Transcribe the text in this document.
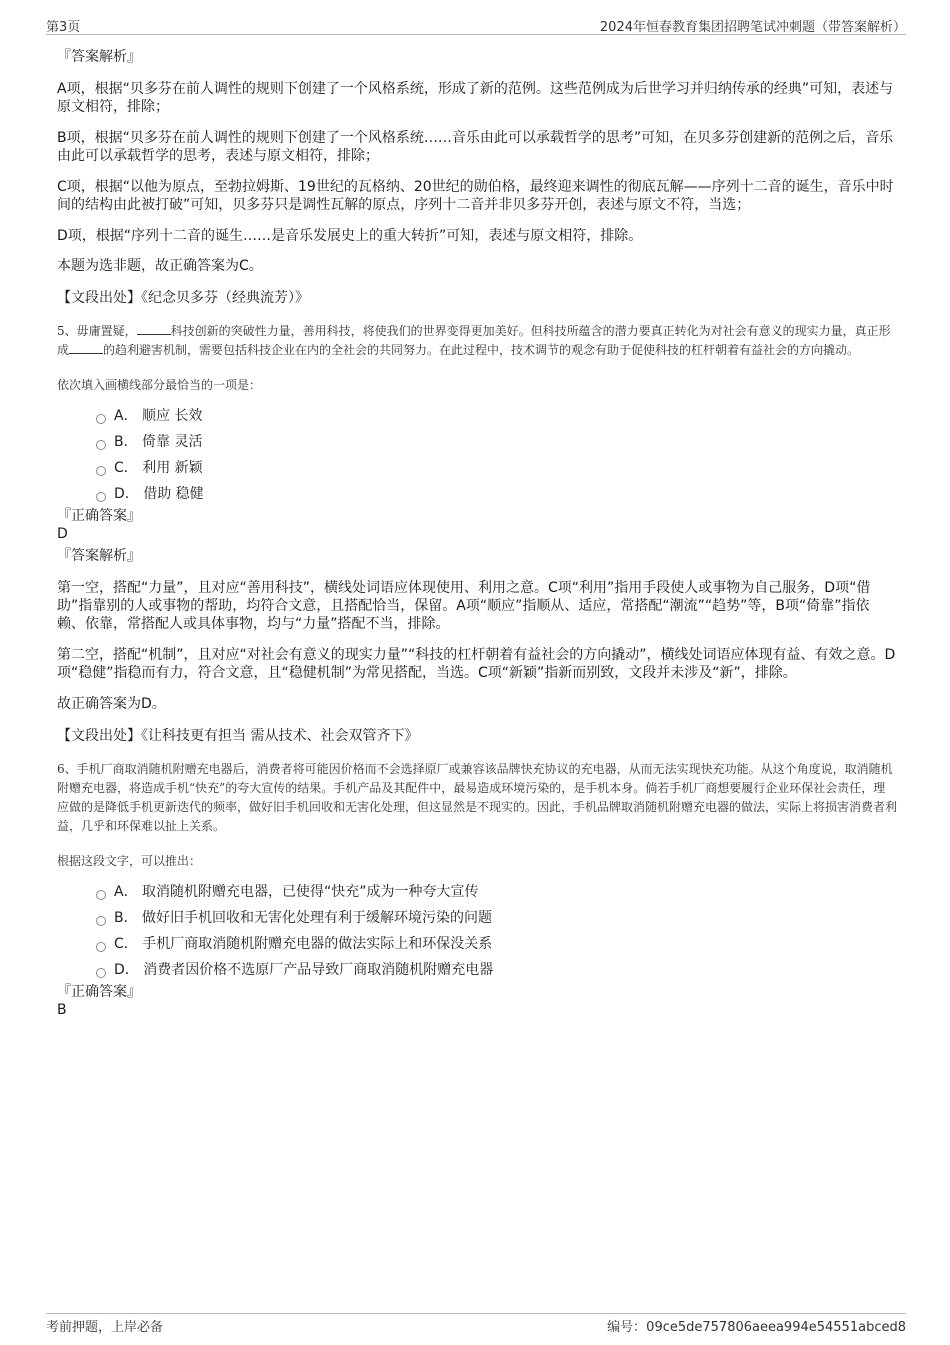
第3页	2024年恒春教育集团招聘笔试冲刺题（带答案解析）
『答案解析』

A项，根据“贝多芬在前人调性的规则下创建了一个风格系统，形成了新的范例。这些范例成为后世学习并归纳传承的经典”可知，表述与原文相符，排除；

B项，根据“贝多芬在前人调性的规则下创建了一个风格系统……音乐由此可以承载哲学的思考”可知，在贝多芬创建新的范例之后，音乐由此可以承载哲学的思考，表述与原文相符，排除；

C项，根据“以他为原点，至勃拉姆斯、19世纪的瓦格纳、20世纪的勋伯格，最终迎来调性的彻底瓦解——序列十二音的诞生，音乐中时间的结构由此被打破”可知，贝多芬只是调性瓦解的原点，序列十二音并非贝多芬开创，表述与原文不符，当选；

D项，根据“序列十二音的诞生……是音乐发展史上的重大转折”可知，表述与原文相符，排除。

本题为选非题，故正确答案为C。

【文段出处】《纪念贝多芬（经典流芳）》

5、毋庸置疑，	科技创新的突破性力量，善用科技，将使我们的世界变得更加美好。但科技所蕴含的潜力要真正转化为对社会有意义的现实力量，真正形成	的趋利避害机制，需要包括科技企业在内的全社会的共同努力。在此过程中，技术调节的观念有助于促使科技的杠杆朝着有益社会的方向撬动。

依次填入画横线部分最恰当的一项是：

A． 顺应 长效
B． 倚靠 灵活
C． 利用 新颖
D． 借助 稳健
『正确答案』
D
『答案解析』

第一空，搭配“力量”，且对应“善用科技”，横线处词语应体现使用、利用之意。C项“利用”指用手段使人或事物为自己服务，D项“借助”指靠别的人或事物的帮助，均符合文意，且搭配恰当，保留。A项“顺应”指顺从、适应，常搭配“潮流”“趋势”等，B项“倚靠”指依赖、依靠，常搭配人或具体事物，均与“力量”搭配不当，排除。

第二空，搭配“机制”，且对应“对社会有意义的现实力量”“科技的杠杆朝着有益社会的方向撬动”，横线处词语应体现有益、有效之意。D项“稳健”指稳而有力，符合文意，且“稳健机制”为常见搭配，当选。C项“新颖”指新而别致，文段并未涉及“新”，排除。

故正确答案为D。

【文段出处】《让科技更有担当 需从技术、社会双管齐下》

6、手机厂商取消随机附赠充电器后，消费者将可能因价格而不会选择原厂或兼容该品牌快充协议的充电器，从而无法实现快充功能。从这个角度说，取消随机附赠充电器，将造成手机“快充”的夸大宣传的结果。手机产品及其配件中，最易造成环境污染的，是手机本身。倘若手机厂商想要履行企业环保社会责任，理应做的是降低手机更新迭代的频率，做好旧手机回收和无害化处理，但这显然是不现实的。因此，手机品牌取消随机附赠充电器的做法，实际上将损害消费者利益，几乎和环保难以扯上关系。

根据这段文字，可以推出：

A． 取消随机附赠充电器，已使得“快充”成为一种夸大宣传
B． 做好旧手机回收和无害化处理有利于缓解环境污染的问题
C． 手机厂商取消随机附赠充电器的做法实际上和环保没关系
D． 消费者因价格不选原厂产品导致厂商取消随机附赠充电器
『正确答案』
B
考前押题，上岸必备	编号：09ce5de757806aeea994e54551abced8
